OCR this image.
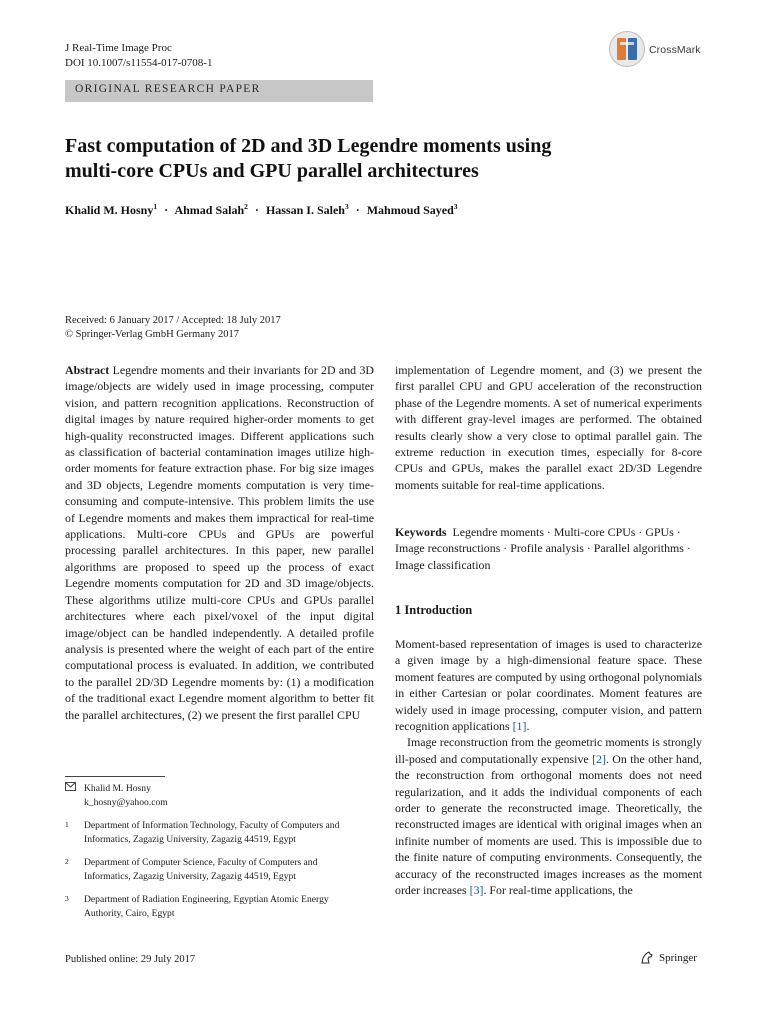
J Real-Time Image Proc
DOI 10.1007/s11554-017-0708-1
CrossMark
ORIGINAL RESEARCH PAPER
Fast computation of 2D and 3D Legendre moments using
multi-core CPUs and GPU parallel architectures
Khalid M. Hosny$^1$ · Ahmad Salah$^2$ · Hassan I. Saleh$^3$ · Mahmoud Sayed$^3$
Received: 6 January 2017 / Accepted: 18 July 2017
© Springer-Verlag GmbH Germany 2017

Abstract Legendre moments and their invariants for 2D and 3D image/objects are widely used in image processing, computer vision, and pattern recognition applications. Reconstruction of digital images by nature required higher-order moments to get high-quality reconstructed images. Different applications such as classification of bacterial contamination images utilize high-order moments for feature extraction phase. For big size images and 3D objects, Legendre moments computation is very time-consuming and compute-intensive. This problem limits the use of Legendre moments and makes them impractical for real-time applications. Multi-core CPUs and GPUs are powerful processing parallel architectures. In this paper, new parallel algorithms are proposed to speed up the process of exact Legendre moments computation for 2D and 3D image/objects. These algorithms utilize multi-core CPUs and GPUs parallel architectures where each pixel/voxel of the input digital image/object can be handled independently. A detailed profile analysis is presented where the weight of each part of the entire computational process is evaluated. In addition, we contributed to the parallel 2D/3D Legendre moments by: (1) a modification of the traditional exact Legendre moment algorithm to better fit the parallel architectures, (2) we present the first parallel CPU

implementation of Legendre moment, and (3) we present the first parallel CPU and GPU acceleration of the reconstruction phase of the Legendre moments. A set of numerical experiments with different gray-level images are performed. The obtained results clearly show a very close to optimal parallel gain. The extreme reduction in execution times, especially for 8-core CPUs and GPUs, makes the parallel exact 2D/3D Legendre moments suitable for real-time applications.

Keywords Legendre moments · Multi-core CPUs · GPUs · Image reconstructions · Profile analysis · Parallel algorithms · Image classification
1 Introduction

Moment-based representation of images is used to characterize a given image by a high-dimensional feature space. These moment features are computed by using orthogonal polynomials in either Cartesian or polar coordinates. Moment features are widely used in image processing, computer vision, and pattern recognition applications [1].

Image reconstruction from the geometric moments is strongly ill-posed and computationally expensive [2]. On the other hand, the reconstruction from orthogonal moments does not need regularization, and it adds the individual components of each order to generate the reconstructed image. Theoretically, the reconstructed images are identical with original images when an infinite number of moments are used. This is impossible due to the finite nature of computing environments. Consequently, the accuracy of the reconstructed images increases as the moment order increases [3]. For real-time applications, the

Khalid M. Hosny
k_hosny@yahoo.com
1	Department of Information Technology, Faculty of Computers and Informatics, Zagazig University, Zagazig 44519, Egypt
2	Department of Computer Science, Faculty of Computers and Informatics, Zagazig University, Zagazig 44519, Egypt
3	Department of Radiation Engineering, Egyptian Atomic Energy Authority, Cairo, Egypt
Published online: 29 July 2017	Springer
